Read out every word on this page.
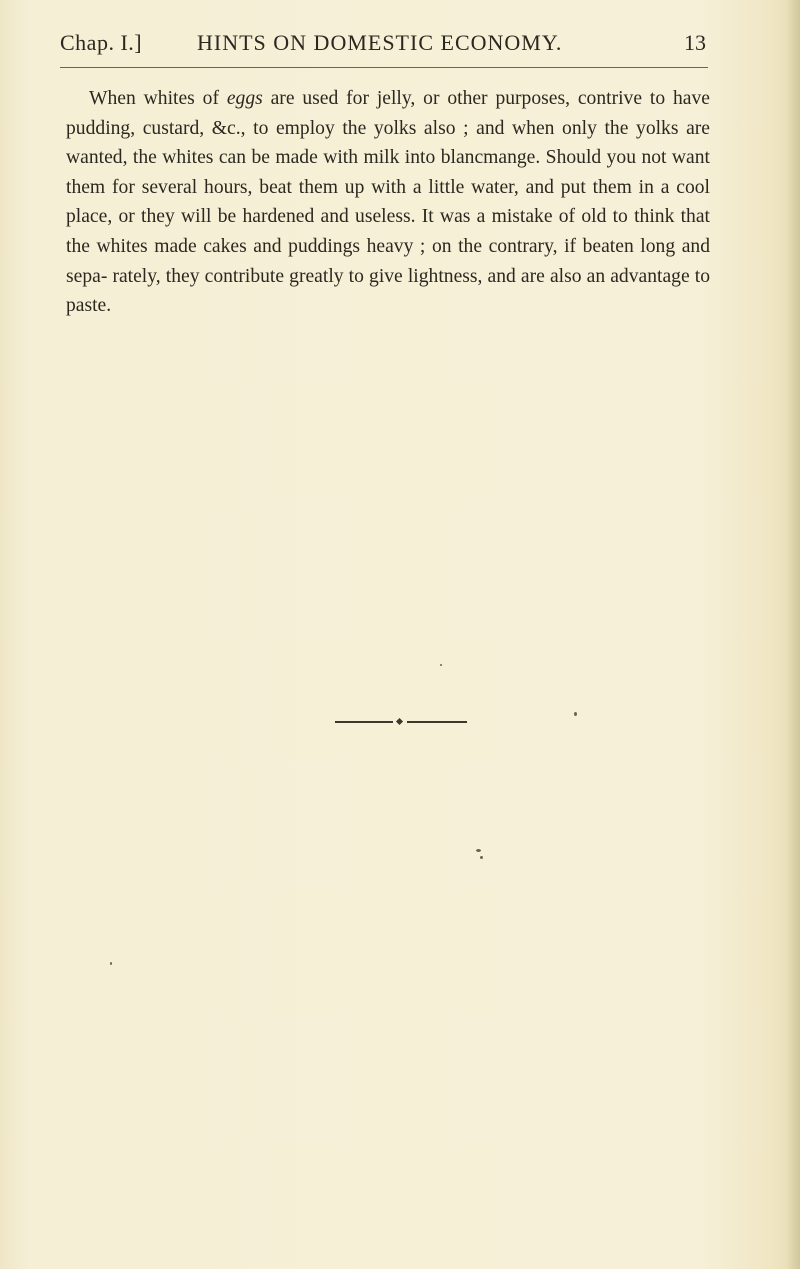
Chap. I.] HINTS ON DOMESTIC ECONOMY.	13

When whites of eggs are used for jelly, or other purposes, contrive to have pudding, custard, &c., to employ the yolks also ; and when only the yolks are wanted, the whites can be made with milk into blancmange. Should you not want them for several hours, beat them up with a little water, and put them in a cool place, or they will be hardened and useless. It was a mistake of old to think that the whites made cakes and puddings heavy ; on the contrary, if beaten long and sepa- rately, they contribute greatly to give lightness, and are also an advantage to paste.
